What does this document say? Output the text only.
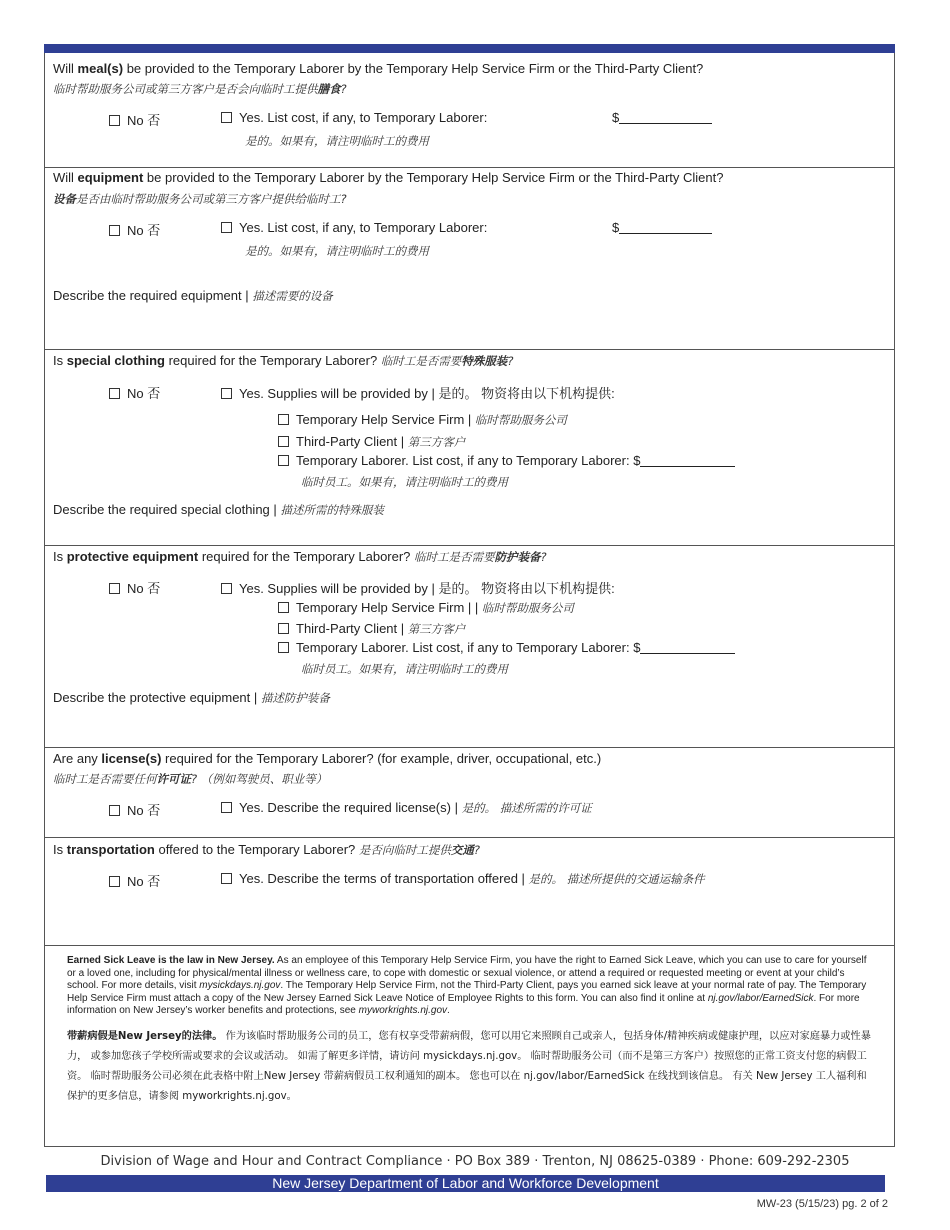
Will meal(s) be provided to the Temporary Laborer by the Temporary Help Service Firm or the Third-Party Client?
临时帮助服务公司或第三方客户是否会向临时工提供膳食?
No 否	Yes. List cost, if any, to Temporary Laborer:
是的。如果有，请注明临时工的费用
$
Will equipment be provided to the Temporary Laborer by the Temporary Help Service Firm or the Third-Party Client?
设备是否由临时帮助服务公司或第三方客户提供给临时工?
No 否	Yes. List cost, if any, to Temporary Laborer:
是的。如果有，请注明临时工的费用
$
Describe the required equipment | 描述需要的设备
Is special clothing required for the Temporary Laborer? 临时工是否需要特殊服装?
No 否	Yes. Supplies will be provided by | 是的。 物资将由以下机构提供:
Temporary Help Service Firm | 临时帮助服务公司
Third-Party Client | 第三方客户
Temporary Laborer. List cost, if any to Temporary Laborer: $
临时员工。如果有，请注明临时工的费用
Describe the required special clothing | 描述所需的特殊服装
Is protective equipment required for the Temporary Laborer? 临时工是否需要防护装备?
No 否	Yes. Supplies will be provided by | 是的。 物资将由以下机构提供:
Temporary Help Service Firm | | 临时帮助服务公司
Third-Party Client | 第三方客户
Temporary Laborer. List cost, if any to Temporary Laborer: $
临时员工。如果有，请注明临时工的费用
Describe the protective equipment | 描述防护装备
Are any license(s) required for the Temporary Laborer? (for example, driver, occupational, etc.)
临时工是否需要任何许可证? （例如驾驶员、职业等）
No 否	Yes. Describe the required license(s) | 是的。 描述所需的许可证
Is transportation offered to the Temporary Laborer? 是否向临时工提供交通?
No 否	Yes. Describe the terms of transportation offered | 是的。 描述所提供的交通运输条件
Earned Sick Leave is the law in New Jersey. As an employee of this Temporary Help Service Firm, you have the right to Earned Sick Leave, which you can use to care for yourself or a loved one, including for physical/mental illness or wellness care, to cope with domestic or sexual violence, or attend a required or requested meeting or event at your child’s school. For more details, visit mysickdays.nj.gov. The Temporary Help Service Firm, not the Third-Party Client, pays you earned sick leave at your normal rate of pay. The Temporary Help Service Firm must attach a copy of the New Jersey Earned Sick Leave Notice of Employee Rights to this form. You can also find it online at nj.gov/labor/EarnedSick. For more information on New Jersey’s worker benefits and protections, see myworkrights.nj.gov.
带薪病假是New Jersey的法律。 作为该临时帮助服务公司的员工，您有权享受带薪病假，您可以用它来照顾自己或亲人，包括身体/精神疾病或健康护理，以应对家庭暴力或性暴力， 或参加您孩子学校所需或要求的会议或活动。 如需了解更多详情，请访问 mysickdays.nj.gov。 临时帮助服务公司（而不是第三方客户）按照您的正常工资支付您的病假工资。 临时帮助服务公司必须在此表格中附上New Jersey 带薪病假员工权利通知的副本。 您也可以在 nj.gov/labor/EarnedSick 在线找到该信息。 有关 New Jersey 工人福利和保护的更多信息，请参阅 myworkrights.nj.gov。
Division of Wage and Hour and Contract Compliance · PO Box 389 · Trenton, NJ 08625-0389 · Phone: 609-292-2305
New Jersey Department of Labor and Workforce Development
MW-23 (5/15/23) pg. 2 of 2
